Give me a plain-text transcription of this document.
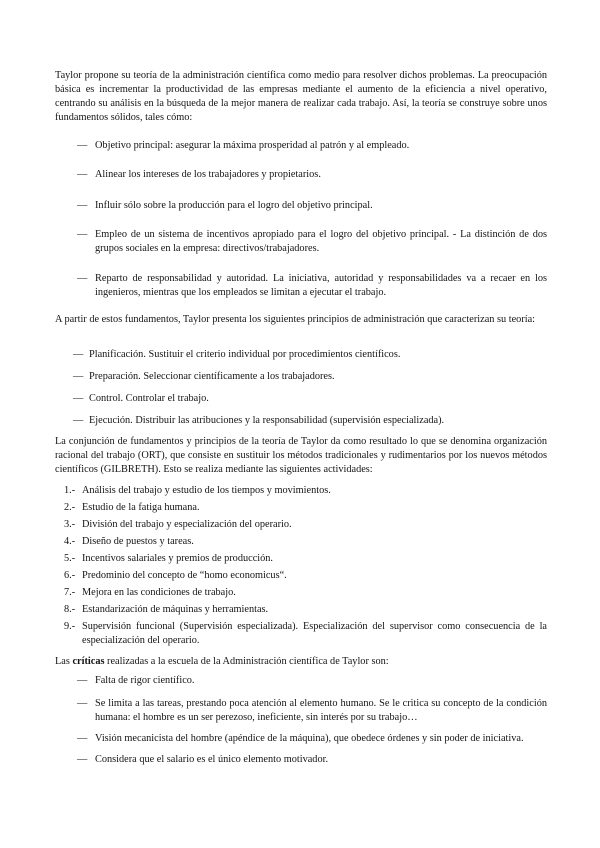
Taylor propone su teoría de la administración científica como medio para resolver dichos problemas. La preocupación básica es incrementar la productividad de las empresas mediante el aumento de la eficiencia a nivel operativo, centrando su análisis en la búsqueda de la mejor manera de realizar cada trabajo. Así, la teoría se construye sobre unos fundamentos sólidos, tales cómo:

— Objetivo principal: asegurar la máxima prosperidad al patrón y al empleado.
— Alinear los intereses de los trabajadores y propietarios.
— Influir sólo sobre la producción para el logro del objetivo principal.
— Empleo de un sistema de incentivos apropiado para el logro del objetivo principal. - La distinción de dos grupos sociales en la empresa: directivos/trabajadores.
— Reparto de responsabilidad y autoridad. La iniciativa, autoridad y responsabilidades va a recaer en los ingenieros, mientras que los empleados se limitan a ejecutar el trabajo.

A partir de estos fundamentos, Taylor presenta los siguientes principios de administración que caracterizan su teoría:

— Planificación. Sustituir el criterio individual por procedimientos científicos.
— Preparación. Seleccionar científicamente a los trabajadores.
— Control. Controlar el trabajo.
— Ejecución. Distribuir las atribuciones y la responsabilidad (supervisión especializada).

La conjunción de fundamentos y principios de la teoría de Taylor da como resultado lo que se denomina organización racional del trabajo (ORT), que consiste en sustituir los métodos tradicionales y rudimentarios por los nuevos métodos científicos (GILBRETH). Esto se realiza mediante las siguientes actividades:

1.- Análisis del trabajo y estudio de los tiempos y movimientos.
2.- Estudio de la fatiga humana.
3.- División del trabajo y especialización del operario.
4.- Diseño de puestos y tareas.
5.- Incentivos salariales y premios de producción.
6.- Predominio del concepto de “homo economicus“.
7.- Mejora en las condiciones de trabajo.
8.- Estandarización de máquinas y herramientas.
9.- Supervisión funcional (Supervisión especializada). Especialización del supervisor como consecuencia de la especialización del operario.

Las críticas realizadas a la escuela de la Administración científica de Taylor son:

— Falta de rigor científico.
— Se limita a las tareas, prestando poca atención al elemento humano. Se le critica su concepto de la condición humana: el hombre es un ser perezoso, ineficiente, sin interés por su trabajo…
— Visión mecanicista del hombre (apéndice de la máquina), que obedece órdenes y sin poder de iniciativa.
— Considera que el salario es el único elemento motivador.
